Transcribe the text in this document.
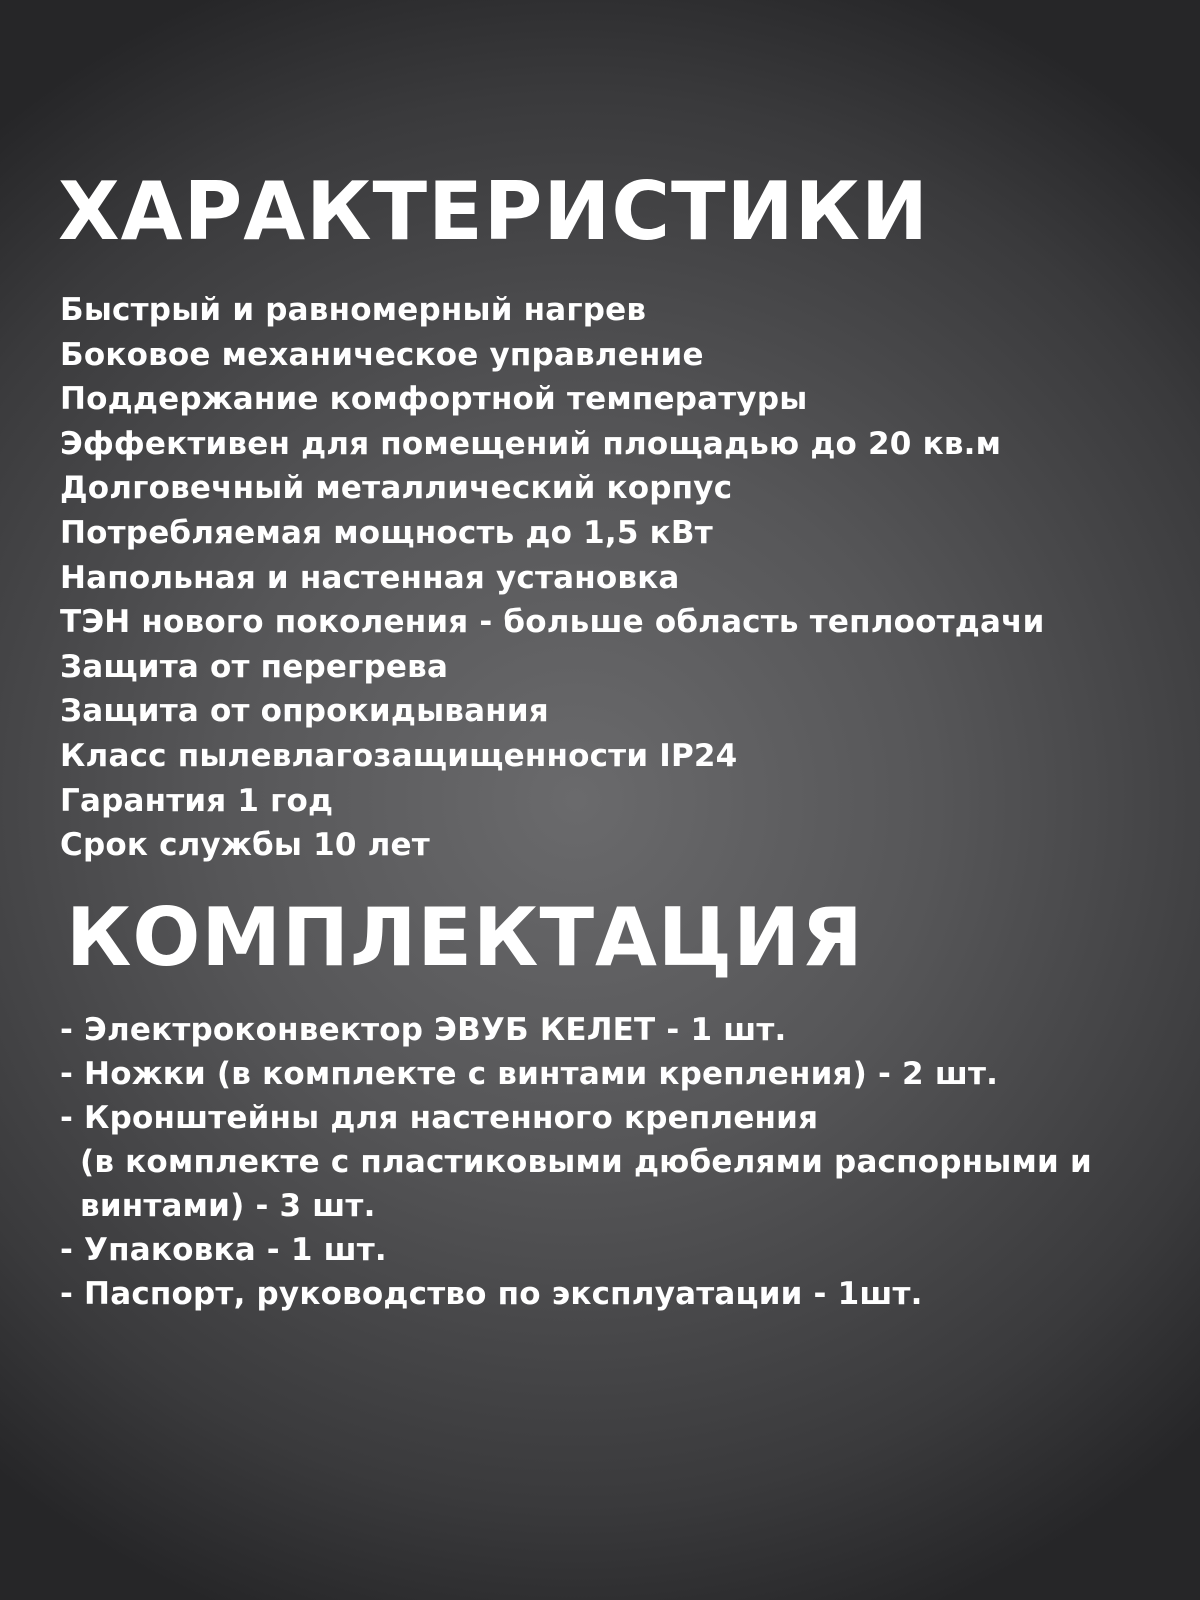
ХАРАКТЕРИСТИКИ
Быстрый и равномерный нагрев
Боковое механическое управление
Поддержание комфортной температуры
Эффективен для помещений площадью до 20 кв.м
Долговечный металлический корпус
Потребляемая мощность до 1,5 кВт
Напольная и настенная установка
ТЭН нового поколения - больше область теплоотдачи
Защита от перегрева
Защита от опрокидывания
Класс пылевлагозащищенности IP24
Гарантия 1 год
Срок службы 10 лет
КОМПЛЕКТАЦИЯ
- Электроконвектор ЭВУБ КЕЛЕТ - 1 шт.
- Ножки (в комплекте с винтами крепления) - 2 шт.
- Кронштейны для настенного крепления
(в комплекте с пластиковыми дюбелями распорными и
винтами) - 3 шт.
- Упаковка - 1 шт.
- Паспорт, руководство по эксплуатации - 1шт.
